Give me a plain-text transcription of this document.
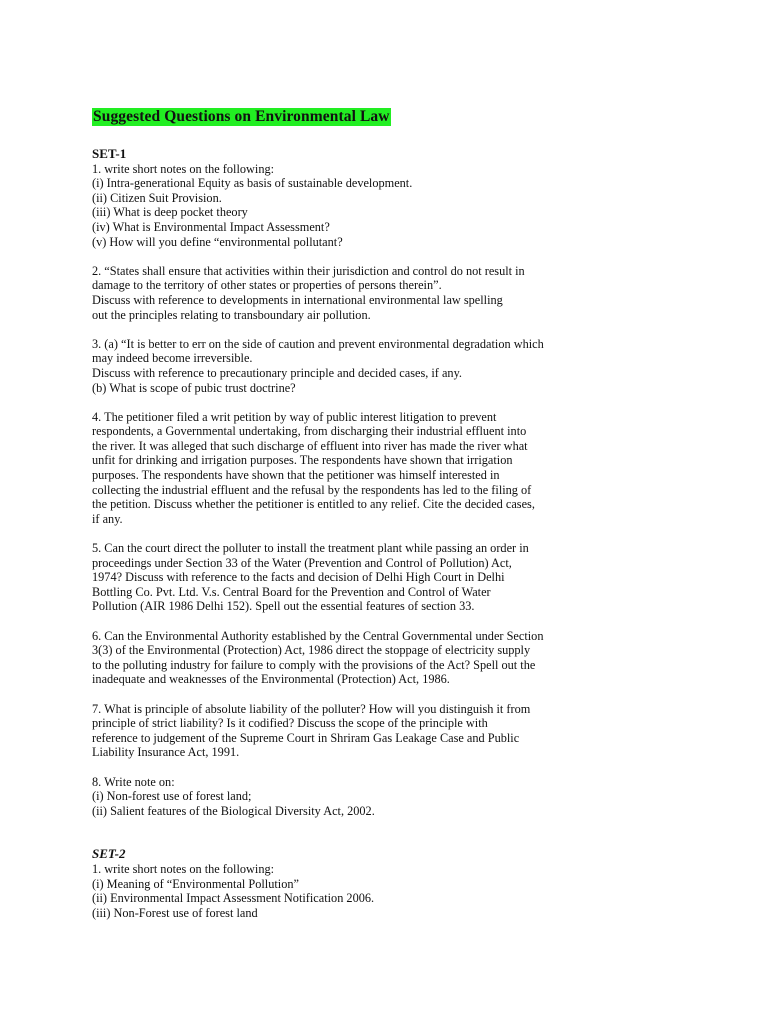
Suggested Questions on Environmental Law
SET-1
1. write short notes on the following:
(i) Intra-generational Equity as basis of sustainable development.
(ii) Citizen Suit Provision.
(iii) What is deep pocket theory
(iv) What is Environmental Impact Assessment?
(v) How will you define “environmental pollutant?
2. “States shall ensure that activities within their jurisdiction and control do not result in
damage to the territory of other states or properties of persons therein”.
Discuss with reference to developments in international environmental law spelling
out the principles relating to transboundary air pollution.
3. (a) “It is better to err on the side of caution and prevent environmental degradation which
may indeed become irreversible.
Discuss with reference to precautionary principle and decided cases, if any.
(b) What is scope of pubic trust doctrine?
4. The petitioner filed a writ petition by way of public interest litigation to prevent
respondents, a Governmental undertaking, from discharging their industrial effluent into
the river. It was alleged that such discharge of effluent into river has made the river what
unfit for drinking and irrigation purposes. The respondents have shown that irrigation
purposes. The respondents have shown that the petitioner was himself interested in
collecting the industrial effluent and the refusal by the respondents has led to the filing of
the petition. Discuss whether the petitioner is entitled to any relief. Cite the decided cases,
if any.
5. Can the court direct the polluter to install the treatment plant while passing an order in
proceedings under Section 33 of the Water (Prevention and Control of Pollution) Act,
1974? Discuss with reference to the facts and decision of Delhi High Court in Delhi
Bottling Co. Pvt. Ltd. V.s. Central Board for the Prevention and Control of Water
Pollution (AIR 1986 Delhi 152). Spell out the essential features of section 33.
6. Can the Environmental Authority established by the Central Governmental under Section
3(3) of the Environmental (Protection) Act, 1986 direct the stoppage of electricity supply
to the polluting industry for failure to comply with the provisions of the Act? Spell out the
inadequate and weaknesses of the Environmental (Protection) Act, 1986.
7. What is principle of absolute liability of the polluter? How will you distinguish it from
principle of strict liability? Is it codified? Discuss the scope of the principle with
reference to judgement of the Supreme Court in Shriram Gas Leakage Case and Public
Liability Insurance Act, 1991.
8. Write note on:
(i) Non-forest use of forest land;
(ii) Salient features of the Biological Diversity Act, 2002.
SET-2
1. write short notes on the following:
(i) Meaning of “Environmental Pollution”
(ii) Environmental Impact Assessment Notification 2006.
(iii) Non-Forest use of forest land
